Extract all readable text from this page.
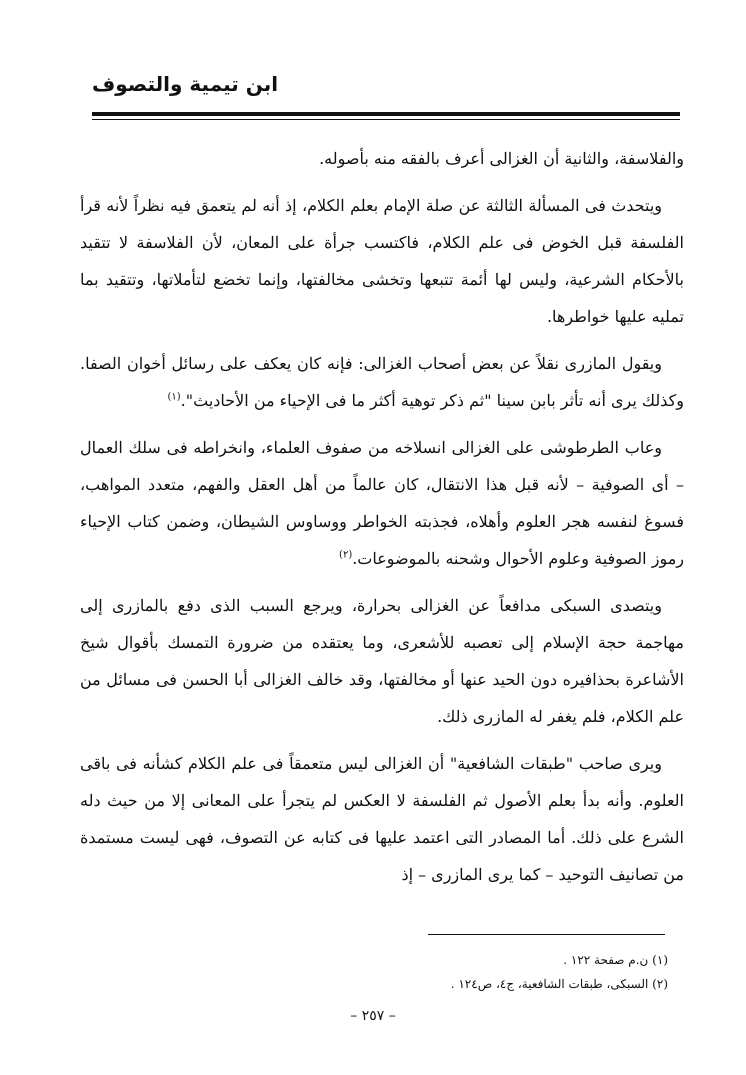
ابن تيمية والتصوف

والفلاسفة، والثانية أن الغزالى أعرف بالفقه منه بأصوله.

ويتحدث فى المسألة الثالثة عن صلة الإمام بعلم الكلام، إذ أنه لم يتعمق فيه نظراً لأنه قرأ الفلسفة قبل الخوض فى علم الكلام، فاكتسب جرأة على المعان، لأن الفلاسفة لا تتقيد بالأحكام الشرعية، وليس لها أئمة تتبعها وتخشى مخالفتها، وإنما تخضع لتأملاتها، وتتقيد بما تمليه عليها خواطرها.

ويقول المازرى نقلاً عن بعض أصحاب الغزالى: فإنه كان يعكف على رسائل أخوان الصفا. وكذلك يرى أنه تأثر بابن سينا "ثم ذكر توهية أكثر ما فى الإحياء من الأحاديث".$^{(١)}$

وعاب الطرطوشى على الغزالى انسلاخه من صفوف العلماء، وانخراطه فى سلك العمال – أى الصوفية – لأنه قبل هذا الانتقال، كان عالماً من أهل العقل والفهم، متعدد المواهب، فسوغ لنفسه هجر العلوم وأهلاه، فجذبته الخواطر ووساوس الشيطان، وضمن كتاب الإحياء رموز الصوفية وعلوم الأحوال وشحنه بالموضوعات.$^{(٢)}$

ويتصدى السبكى مدافعاً عن الغزالى بحرارة، ويرجع السبب الذى دفع بالمازرى إلى مهاجمة حجة الإسلام إلى تعصبه للأشعرى، وما يعتقده من ضرورة التمسك بأقوال شيخ الأشاعرة بحذافيره دون الحيد عنها أو مخالفتها، وقد خالف الغزالى أبا الحسن فى مسائل من علم الكلام، فلم يغفر له المازرى ذلك.

ويرى صاحب "طبقات الشافعية" أن الغزالى ليس متعمقاً فى علم الكلام كشأنه فى باقى العلوم. وأنه بدأ بعلم الأصول ثم الفلسفة لا العكس لم يتجرأ على المعانى إلا من حيث دله الشرع على ذلك. أما المصادر التى اعتمد عليها فى كتابه عن التصوف، فهى ليست مستمدة من تصانيف التوحيد – كما يرى المازرى – إذ

(١) ن.م صفحة ١٢٢ .
(٢) السبكى، طبقات الشافعية، ج٤، ص١٢٤ .
– ٢٥٧ –
